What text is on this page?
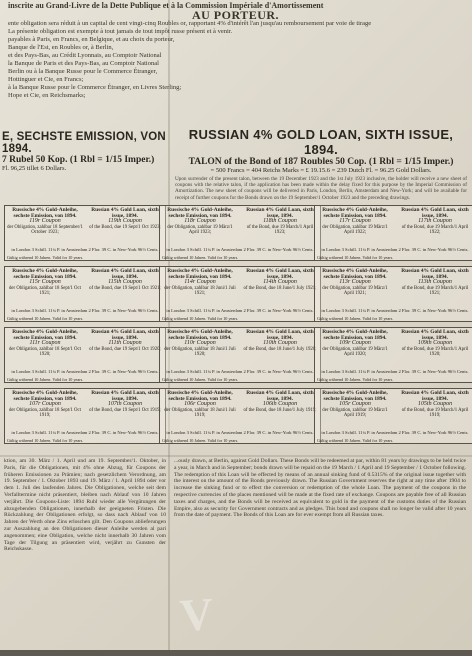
inscrite au Grand-Livre de la Dette Publique et à la Commission Impériale d'Amortissement
AU PORTEUR.
ente obligation sera réduit à un capital de cent vingt-cinq Roubles or, rapportant 4% d'intérêt l'an jusqu'au remboursement par voie de tirage
La présente obligation est exempte à tout jamais de tout impôt russe présent et à venir.
payables à Paris, en Francs, en Belgique, et au choix du porteur,
Banque de l'Est, en Roubles or, à Berlin,
et des Pays-Bas, au Crédit Lyonnais, au Comptoir National
la Banque de Paris et des Pays-Bas, au Comptoir National
Berlin ou à la Banque Russe pour le Commerce Étranger,
Hottinguer et Cie, en Francs;
à la Banque Russe pour le Commerce Étranger, en Livres Sterling;
Hope et Cie, en Reichsmarks;
E, SECHSTE EMISSION, VON 1894.
7 Rubel 50 Kop. (1 Rbl = 1/15 Imper.)
Fl. 96,25 tillet 6 Dollars.
RUSSIAN 4% GOLD LOAN, SIXTH ISSUE, 1894.
TALON of the Bond of 187 Roubles 50 Cop. (1 Rbl = 1/15 Imper.)
= 500 Francs = 404 Reichs Marks = £ 19.15.6 = 239 Dutch Fl. = 96.25 Gold Dollars.
Upon surrender of the present talon, between the 19 December 1923 and the 1st July 1923 inclusive, the holder will receive a new sheet of coupons with the relative talon, if the application has been made within the delay fixed for this purpose by the Imperial Commission of Amortization. The new sheet of coupons will be delivered in Paris, London, Berlin, Amsterdam and New-York; and will be available for receipt of further coupons for the Bonds drawn on the 19 September/1 October 1923 and the preceding drawings.
Russische 4% Gold-Anleihe, sechste Emission, von 1894.
119r Coupon
der Obligation, zahlbar 18 September/1 October 1923;
Russian 4% Gold Loan, sixth issue, 1894.
119th Coupon
of the Bond, due 19 Sept/1 Oct 1923;
in London 3 Schill. 11¼ P. in Amsterdam 2 Flor. 39 C. in New-York 96½ Cents.
Gültig während 10 Jahren. Valid for 10 years.
Russische 4% Gold-Anleihe, sechste Emission, von 1894.
118r Coupon
der Obligation, zahlbar 19 März/1 April 1923;
Russian 4% Gold Loan, sixth issue, 1894.
118th Coupon
of the Bond, due 19 March/1 April 1923;
in London 3 Schill. 11¼ P. in Amsterdam 2 Flor. 39 C. in New-York 96½ Cents.
Gültig während 10 Jahren. Valid for 10 years.
Russische 4% Gold-Anleihe, sechste Emission, von 1894.
117r Coupon
der Obligation, zahlbar 19 März/1 April 1922;
Russian 4% Gold Loan, sixth issue, 1894.
117th Coupon
of the Bond, due 19 March/1 April 1922;
in London 3 Schill. 11¼ P. in Amsterdam 2 Flor. 39 C. in New-York 96½ Cents.
Gültig während 10 Jahren. Valid for 10 years.
Russische 4% Gold-Anleihe, sechste Emission, von 1894.
115r Coupon
der Obligation, zahlbar 18 Sept/1 Oct 1921;
Russian 4% Gold Loan, sixth issue, 1894.
115th Coupon
of the Bond, due 19 Sept/1 Oct 1921;
in London 3 Schill. 11¼ P. in Amsterdam 2 Flor. 39 C. in New-York 96½ Cents.
Gültig während 10 Jahren. Valid for 10 years.
Russische 4% Gold-Anleihe, sechste Emission, von 1894.
114r Coupon
der Obligation, zahlbar 18 Juni/1 Juli 1921;
Russian 4% Gold Loan, sixth issue, 1894.
114th Coupon
of the Bond, due 18 June/1 July 1921;
in London 3 Schill. 11¼ P. in Amsterdam 2 Flor. 39 C. in New-York 96½ Cents.
Gültig während 10 Jahren. Valid for 10 years.
Russische 4% Gold-Anleihe, sechste Emission, von 1894.
113r Coupon
der Obligation, zahlbar 19 März/1 April 1921;
Russian 4% Gold Loan, sixth issue, 1894.
113th Coupon
of the Bond, due 19 March/1 April 1921;
in London 3 Schill. 11¼ P. in Amsterdam 2 Flor. 39 C. in New-York 96½ Cents.
Gültig während 10 Jahren. Valid for 10 years.
Russische 4% Gold-Anleihe, sechste Emission, von 1894.
111r Coupon
der Obligation, zahlbar 18 Sept/1 Oct 1920;
Russian 4% Gold Loan, sixth issue, 1894.
111th Coupon
of the Bond, due 19 Sept/1 Oct 1920;
in London 3 Schill. 11¼ P. in Amsterdam 2 Flor. 39 C. in New-York 96½ Cents.
Gültig während 10 Jahren. Valid for 10 years.
Russische 4% Gold-Anleihe, sechste Emission, von 1894.
110r Coupon
der Obligation, zahlbar 18 Juni/1 Juli 1920;
Russian 4% Gold Loan, sixth issue, 1894.
110th Coupon
of the Bond, due 18 June/1 July 1920;
in London 3 Schill. 11¼ P. in Amsterdam 2 Flor. 39 C. in New-York 96½ Cents.
Gültig während 10 Jahren. Valid for 10 years.
Russische 4% Gold-Anleihe, sechste Emission, von 1894.
109r Coupon
der Obligation, zahlbar 19 März/1 April 1920;
Russian 4% Gold Loan, sixth issue, 1894.
109th Coupon
of the Bond, due 19 March/1 April 1920;
in London 3 Schill. 11¼ P. in Amsterdam 2 Flor. 39 C. in New-York 96½ Cents.
Gültig während 10 Jahren. Valid for 10 years.
Russische 4% Gold-Anleihe, sechste Emission, von 1894.
107r Coupon
der Obligation, zahlbar 18 Sept/1 Oct 1919;
Russian 4% Gold Loan, sixth issue, 1894.
107th Coupon
of the Bond, due 19 Sept/1 Oct 1919;
in London 3 Schill. 11¼ P. in Amsterdam 2 Flor. 39 C. in New-York 96½ Cents.
Gültig während 10 Jahren. Valid for 10 years.
Russische 4% Gold-Anleihe, sechste Emission, von 1894.
106r Coupon
der Obligation, zahlbar 18 Juni/1 Juli 1919;
Russian 4% Gold Loan, sixth issue, 1894.
106th Coupon
of the Bond, due 18 June/1 July 1919;
in London 3 Schill. 11¼ P. in Amsterdam 2 Flor. 39 C. in New-York 96½ Cents.
Gültig während 10 Jahren. Valid for 10 years.
Russische 4% Gold-Anleihe, sechste Emission, von 1894.
105r Coupon
der Obligation, zahlbar 19 März/1 April 1919;
Russian 4% Gold Loan, sixth issue, 1894.
105th Coupon
of the Bond, due 19 March/1 April 1919;
in London 3 Schill. 11¼ P. in Amsterdam 2 Flor. 39 C. in New-York 96½ Cents.
Gültig während 10 Jahren. Valid for 10 years.
ktion, am 30. März / 1. April und am 19. September/1. Oktober, in Paris, für die Obligationen, mit 4% ohne Abzug, für Coupons der früheren Emissionen zu Prämien; nach gesetzlichem Verordnung, am 19. September / 1. Oktober 1893 und 19. März / 1. April 1894 oder vor dem 1. Juli des laufenden Jahres. Die Obligationen, welche seit dem Verfalltermine nicht präsentiert, bleiben nach Ablauf von 10 Jahren verjährt. Die Coupons-Liste: 1894 Rubl wieder alle Vergütungen der abzugebenden Obligationen, innerhalb der geeigneten Fristen. Die Rückzahlung der Obligationen erfolgt, so dass nach Ablauf von 10 Jahren der Werth ohne Zins erloschen gilt. Den Coupons ablieferungen zur Auszahlung an den Obligationen dieser Anleihe werden al pari angenommen; eine Obligation, welche nicht innerhalb 30 Jahren vom Tage der Tilgung an präsentiert wird, verjährt zu Gunsten der Reichskasse.
...ously drawn, at Berlin, against Gold Dollars. These Bonds will be redeemed at par, within 81 years by drawings to be held twice a year, in March and in September; bonds drawn will be repaid on the 19 March / 1 April and 19 September / 1 October following. The redemption of this Loan will be effected by means of an annual sinking fund of 0.5315% of the original issue together with the interest on the amount of the Bonds previously drawn. The Russian Government reserves the right at any time after 1904 to increase the sinking fund or to effect the conversion or redemption of the whole Loan. The payment of the coupons in the respective currencies of the places mentioned will be made at the fixed rate of exchange. Coupons are payable free of all Russian taxes and charges, and the Bonds will be received as equivalent to gold in the payment of the customs duties of the Russian Empire, also as security for Government contracts and as pledges. This bond and coupons shall no longer be valid after 10 years from the date of payment. The Bonds of this Loan are for ever exempt from all Russian taxes.
V
